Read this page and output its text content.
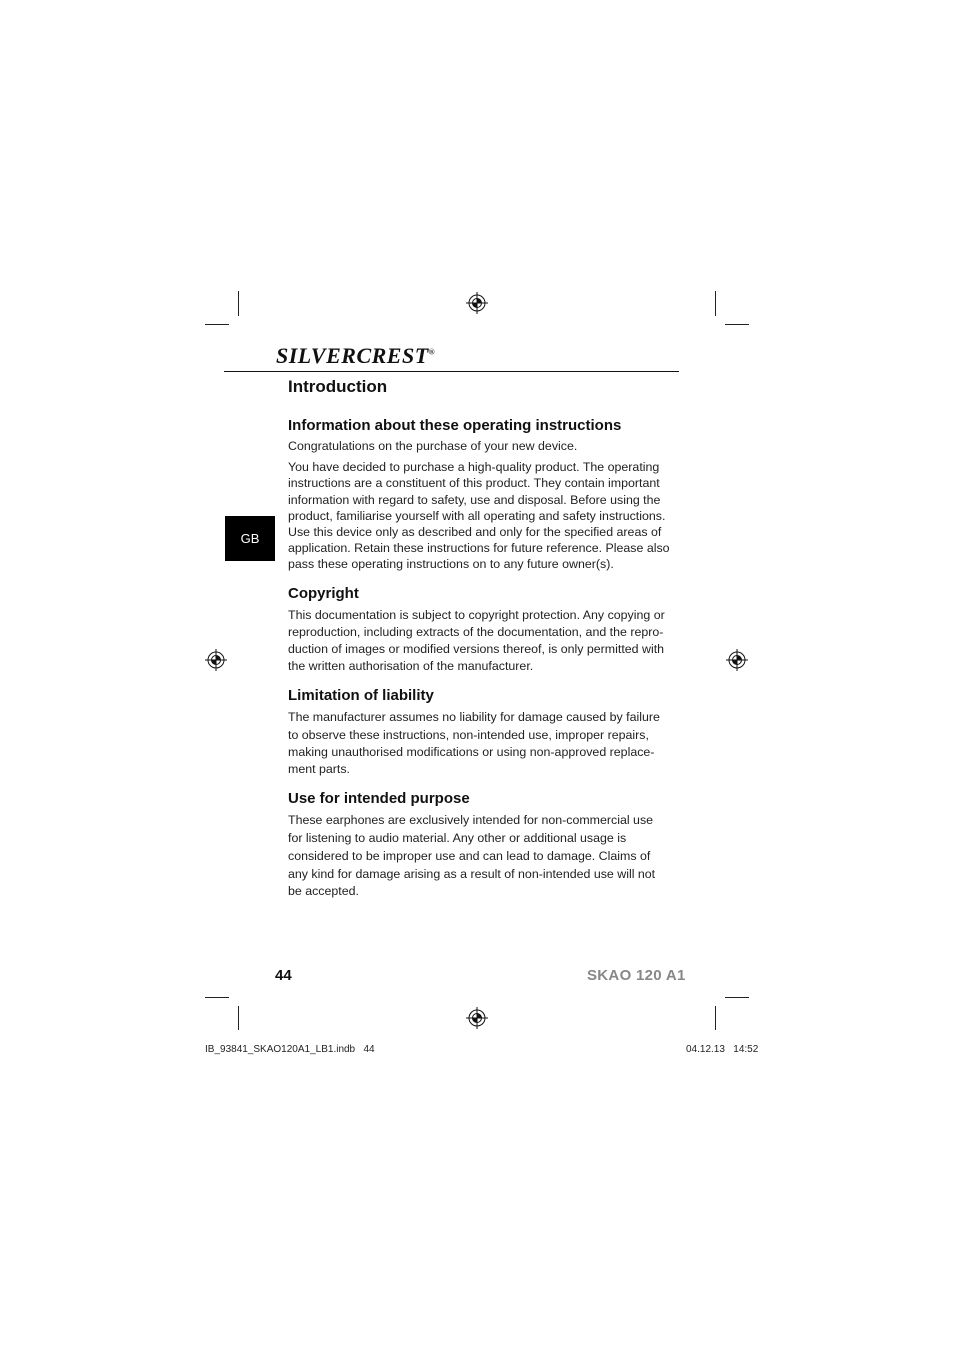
SILVERCREST®
GB
Introduction
Information about these operating instructions

Congratulations on the purchase of your new device.

You have decided to purchase a high-quality product. The operating instructions are a constituent of this product. They contain important information with regard to safety, use and disposal. Before using the product, familiarise yourself with all operating and safety instructions. Use this device only as described and only for the specified areas of application. Retain these instructions for future reference. Please also pass these operating instructions on to any future owner(s).

Copyright

This documentation is subject to copyright protection. Any copying or reproduction, including extracts of the documentation, and the repro-duction of images or modified versions thereof, is only permitted with the written authorisation of the manufacturer.

Limitation of liability

The manufacturer assumes no liability for damage caused by failure to observe these instructions, non-intended use, improper repairs, making unauthorised modifications or using non-approved replace-ment parts.

Use for intended purpose

These earphones are exclusively intended for non-commercial use for listening to audio material. Any other or additional usage is considered to be improper use and can lead to damage. Claims of any kind for damage arising as a result of non-intended use will not be accepted.

44	SKAO 120 A1
IB_93841_SKAO120A1_LB1.indb   44	04.12.13   14:52
